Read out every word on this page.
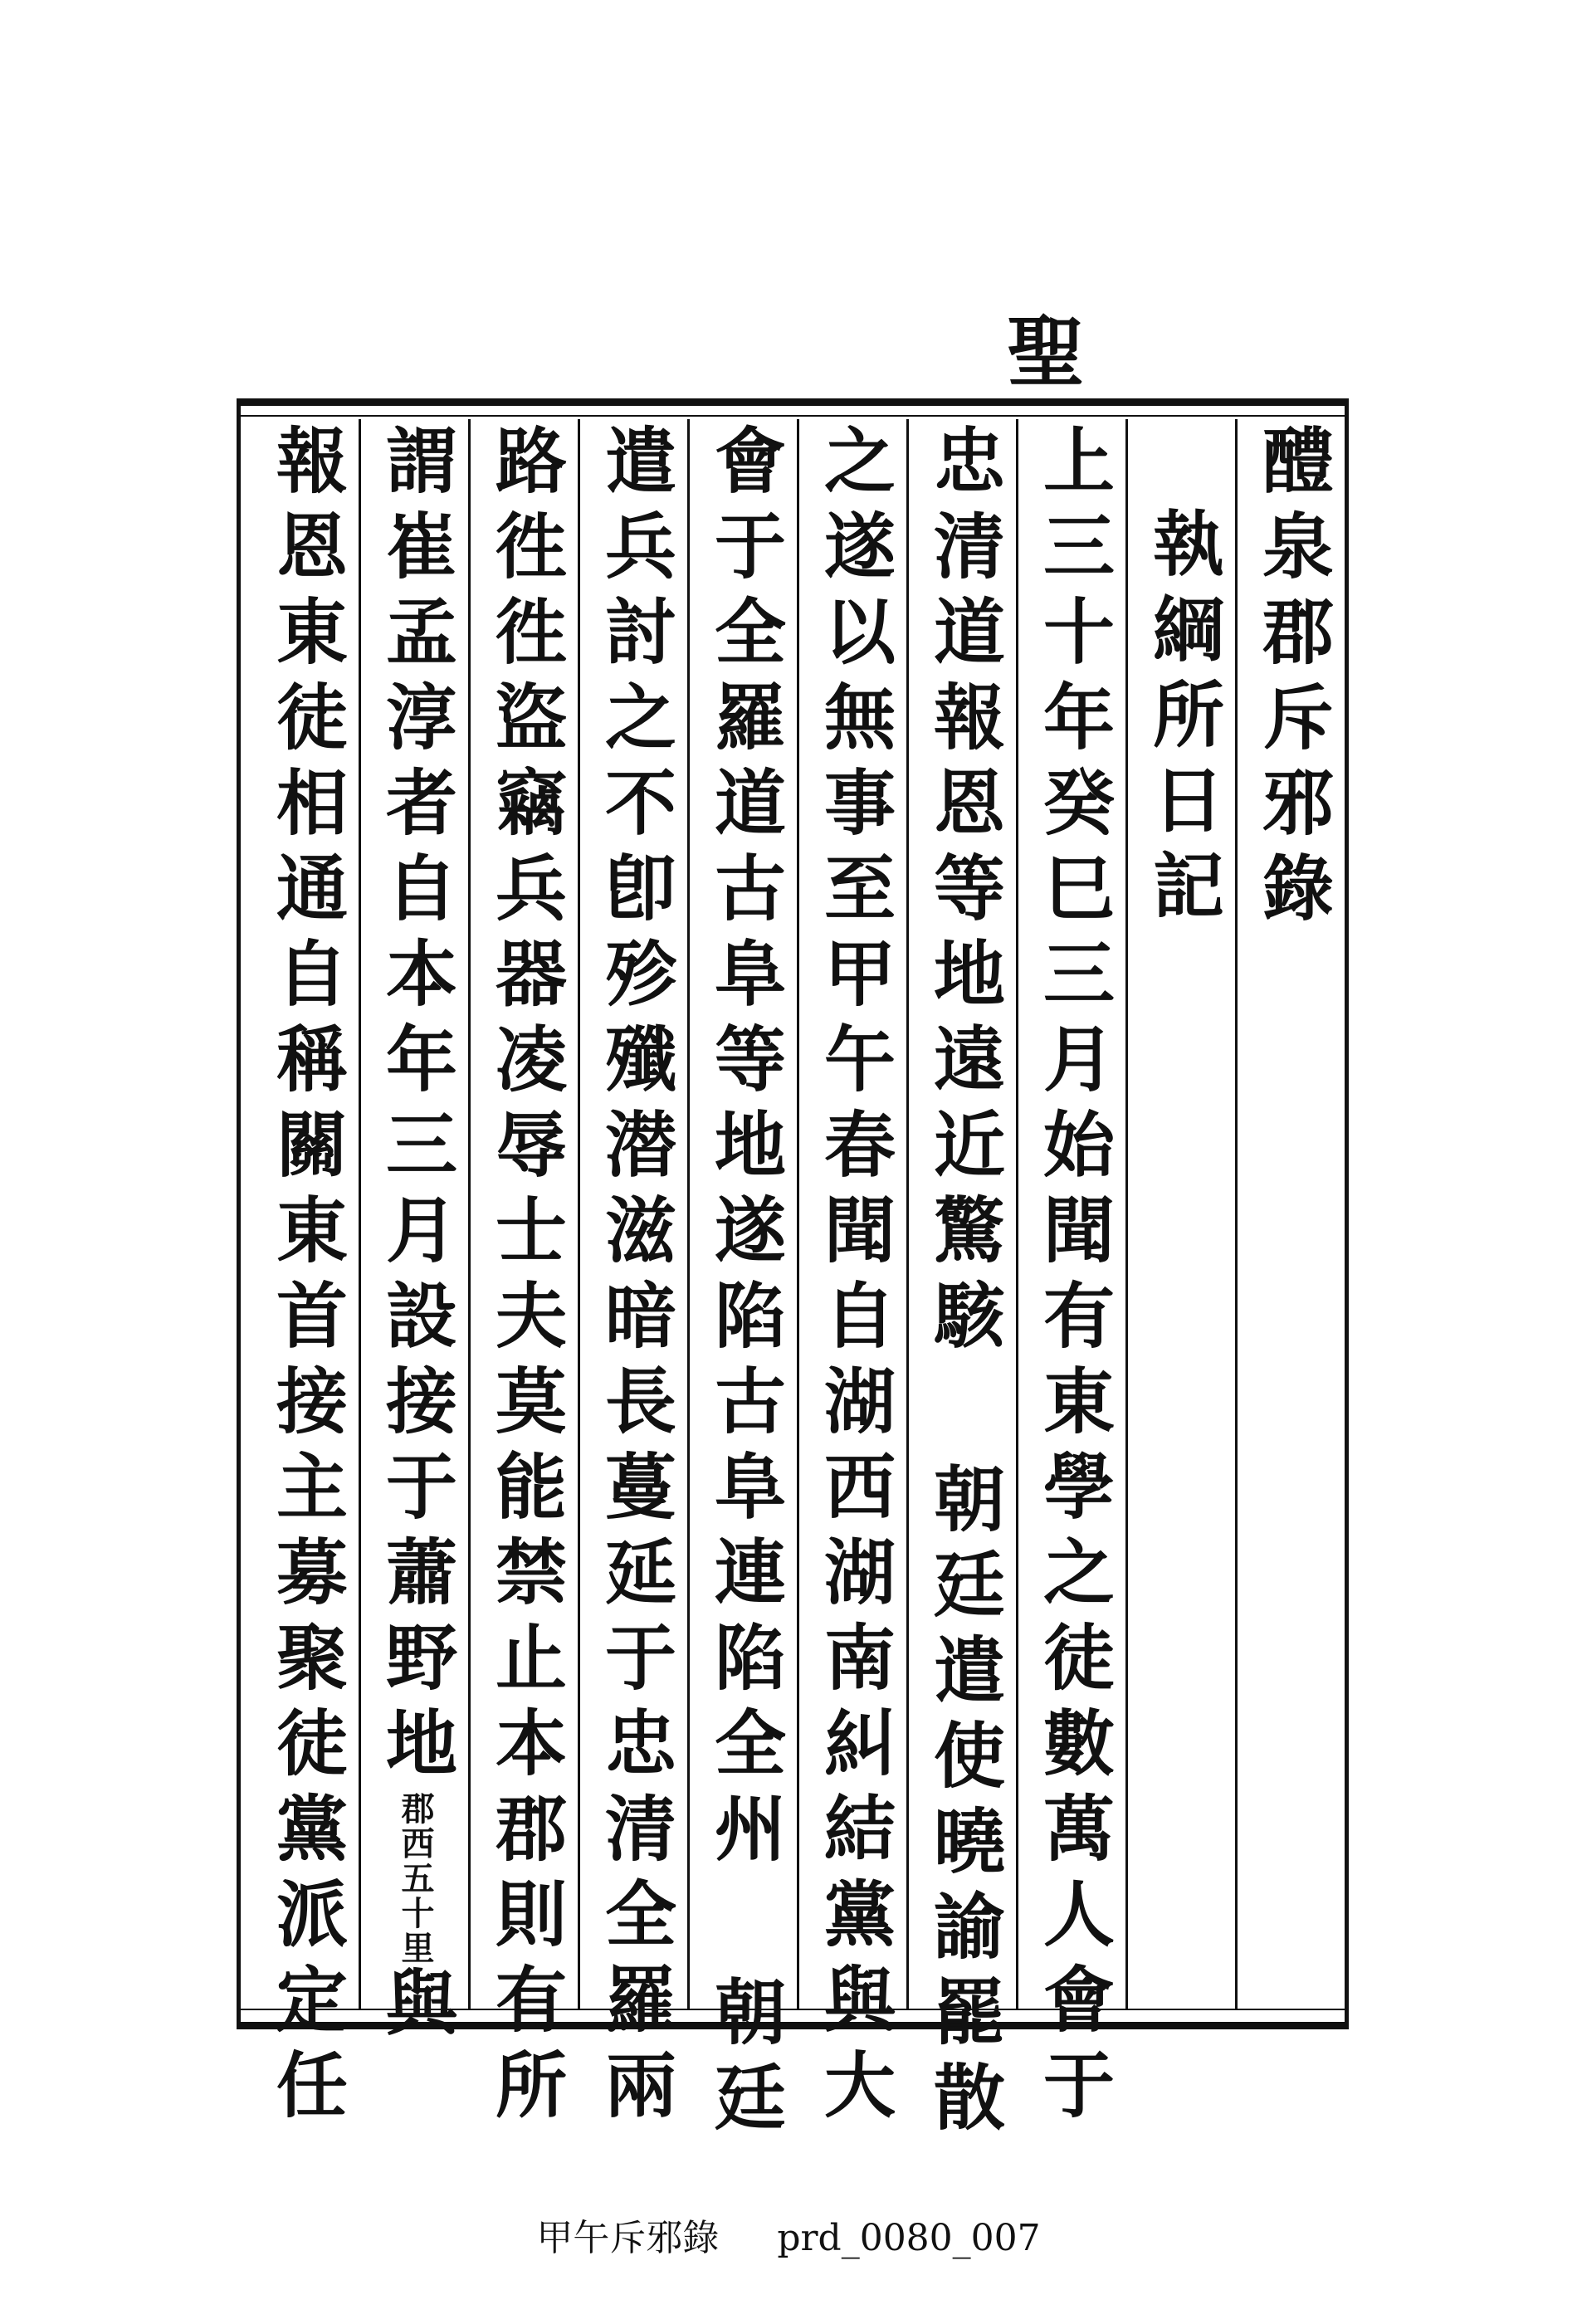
聖
醴泉郡斥邪錄
執綱所日記
上三十年癸巳三月始聞有東學之徒數萬人會于
忠清道報恩等地遠近驚駭 朝廷遣使曉諭罷散
之遂以無事至甲午春聞自湖西湖南糾結黨與大
會于全羅道古阜等地遂陷古阜連陷全州 朝廷
遣兵討之不卽殄殲潜滋暗長蔓延于忠清全羅兩
路徃徃盜竊兵器凌辱士夫莫能禁止本郡則有所
謂崔孟淳者自本年三月設接于蕭野地郡西五十里與
報恩東徒相通自稱關東首接主募聚徒黨派定任
甲午斥邪錄 prd_0080_007
